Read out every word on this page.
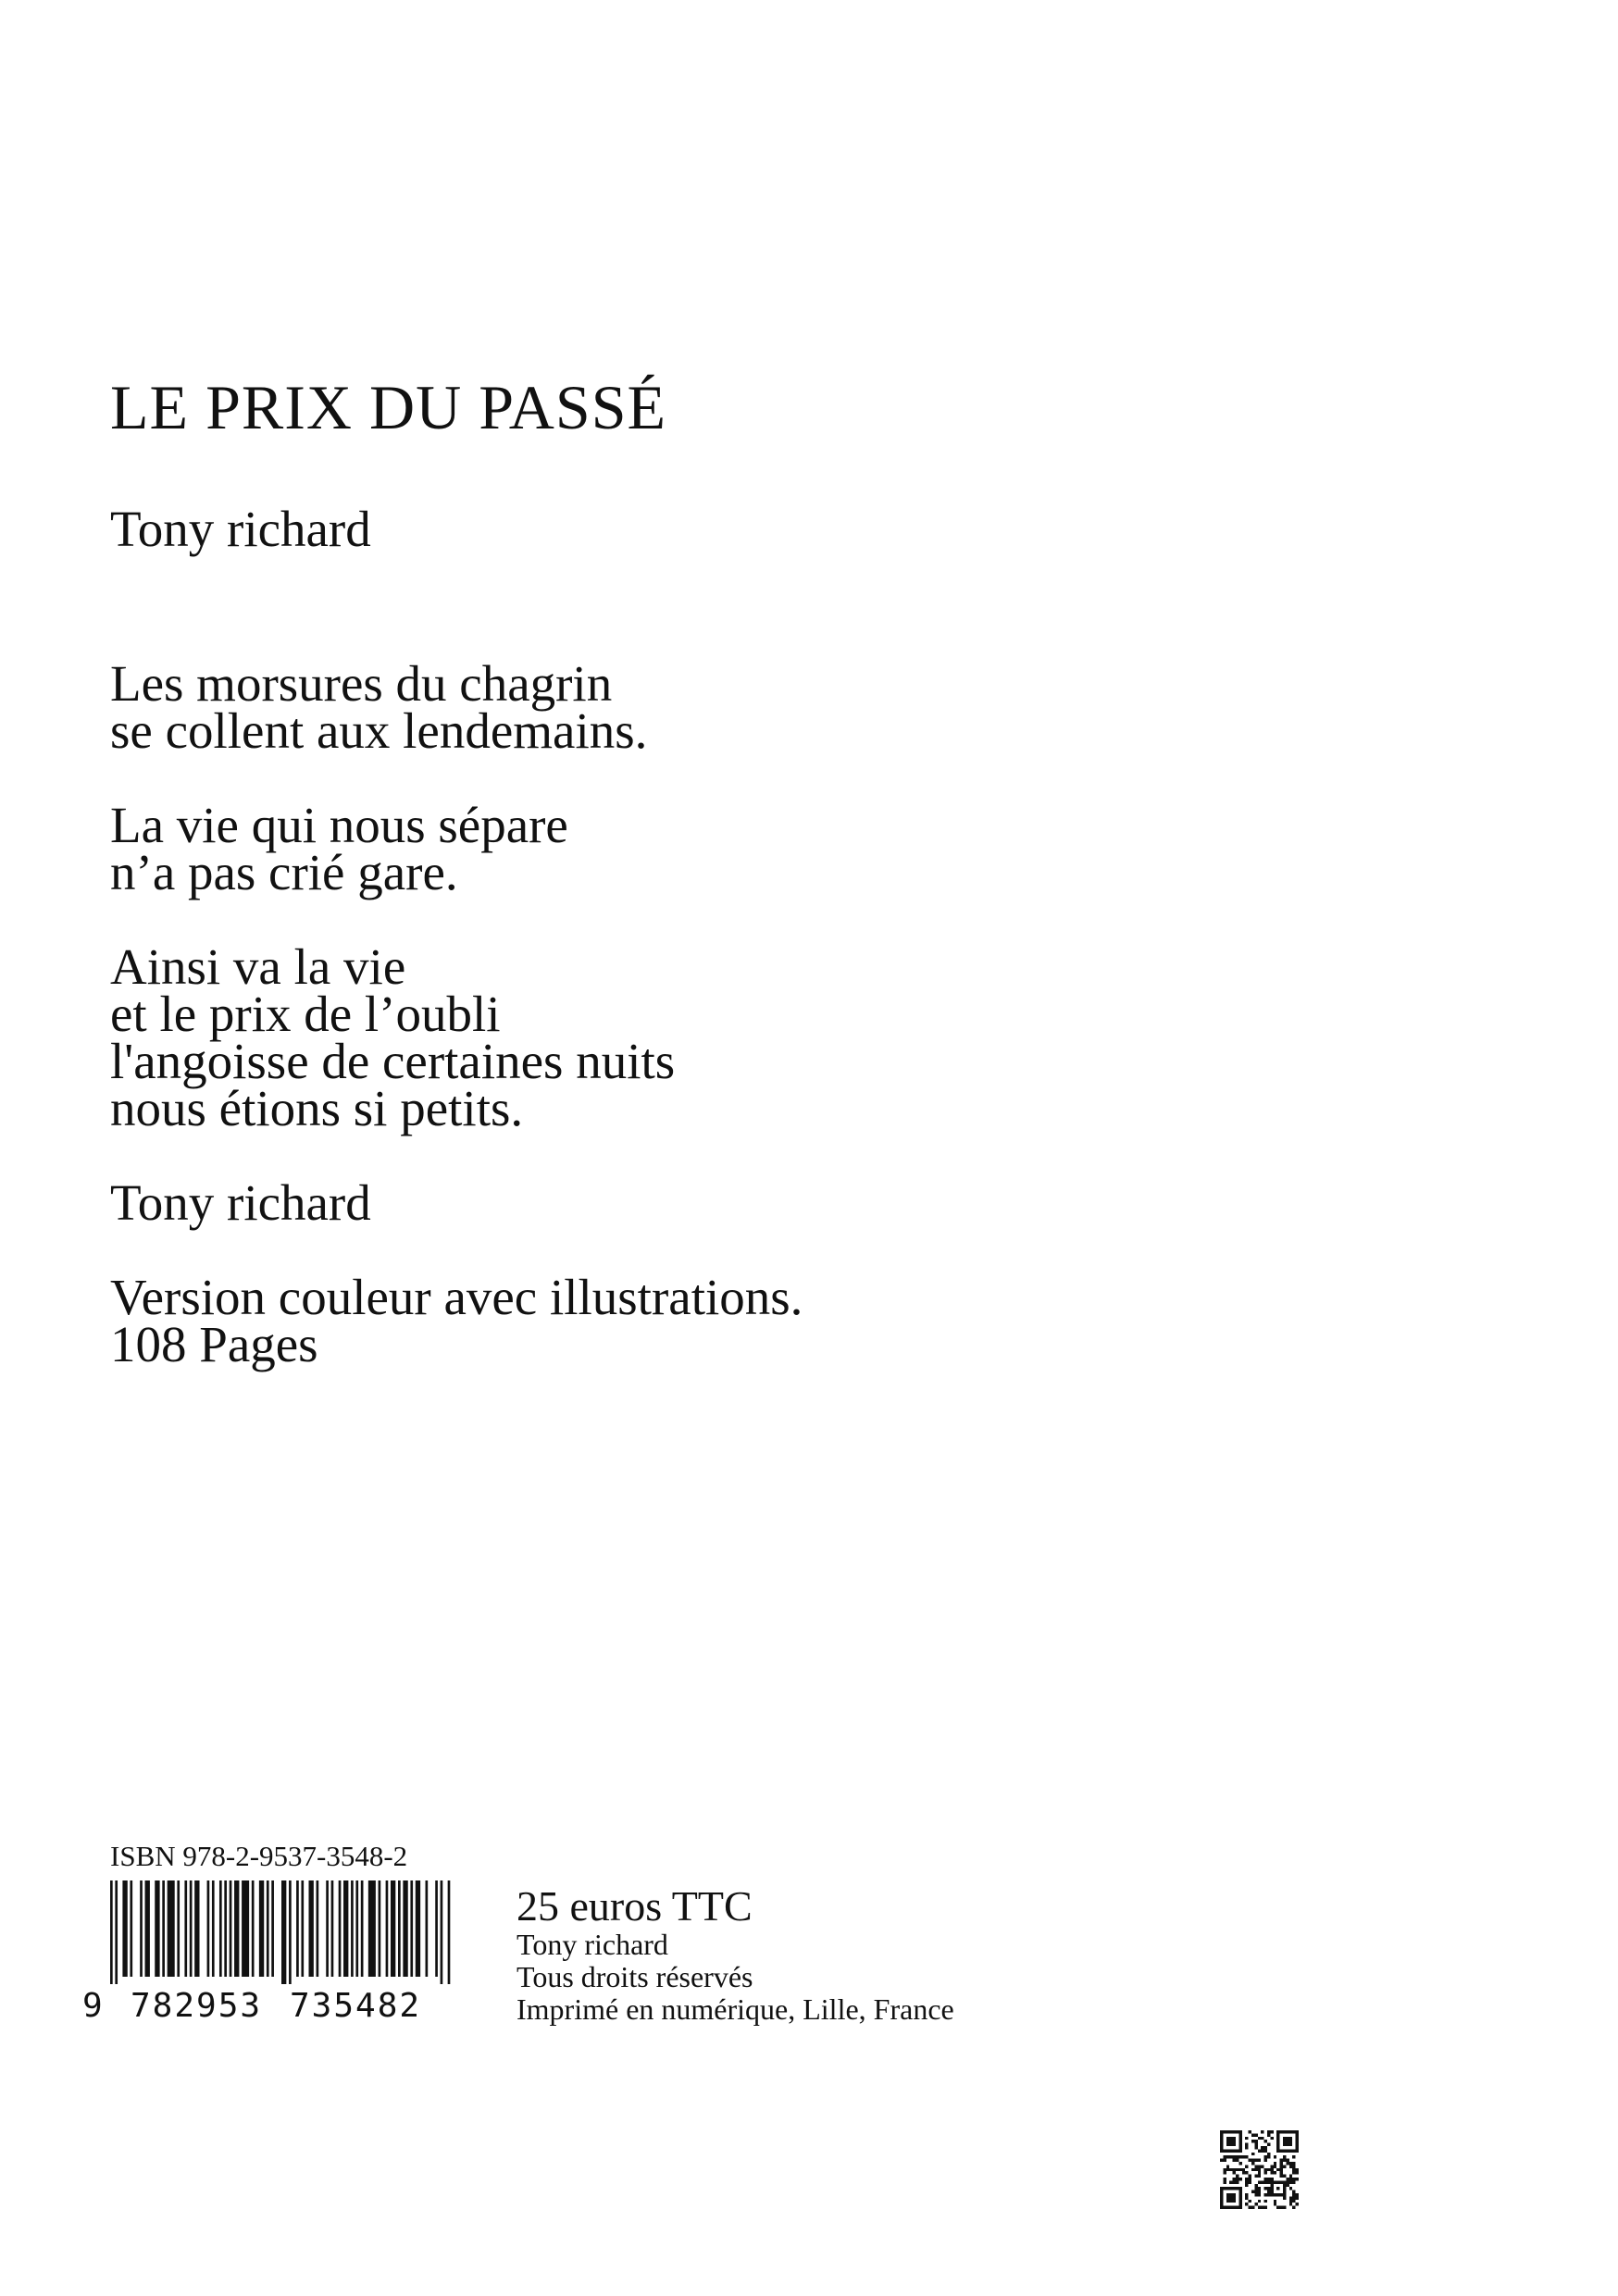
LE PRIX DU PASSÉ
Tony richard
Les morsures du chagrin
se collent aux lendemains.
La vie qui nous sépare
n’a pas crié gare.
Ainsi va la vie
et le prix de l’oubli
l'angoisse de certaines nuits
nous étions si petits.
Tony richard
Version couleur avec illustrations.
108 Pages
ISBN 978-2-9537-3548-2
9 782953 735482
25 euros TTC
Tony richard
Tous droits réservés
Imprimé en numérique, Lille, France
